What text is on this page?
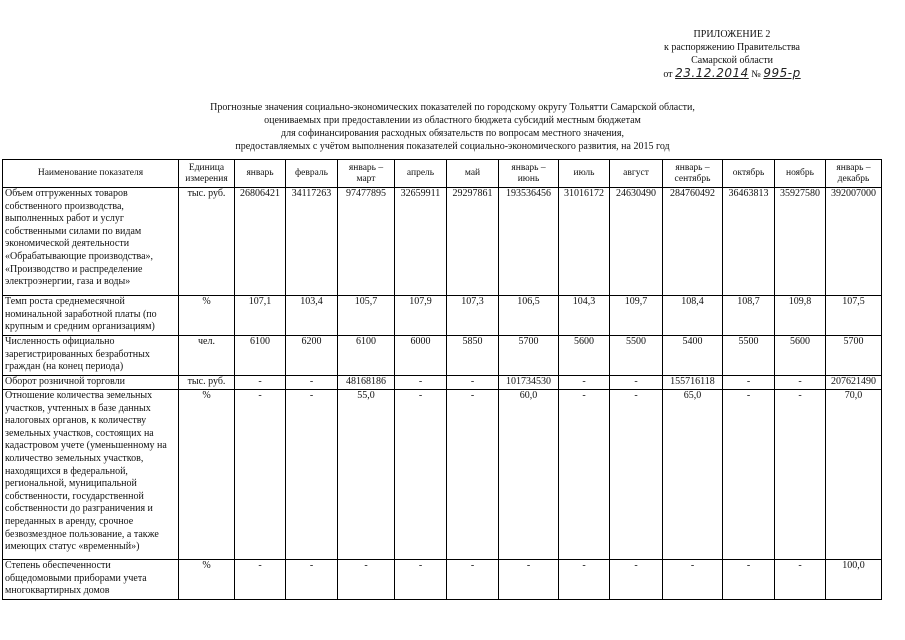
ПРИЛОЖЕНИЕ 2
к распоряжению Правительства
Самарской области
от 23.12.2014 № 995-р
Прогнозные значения социально-экономических показателей по городскому округу Тольятти Самарской области,
оцениваемых при предоставлении из областного бюджета субсидий местным бюджетам
для софинансирования расходных обязательств по вопросам местного значения,
предоставляемых с учётом выполнения показателей социально-экономического развития, на 2015 год
Наименование показателя	Единица измерения	январь	февраль	январь – март	апрель	май	январь – июнь	июль	август	январь – сентябрь	октябрь	ноябрь	январь – декабрь
Объем отгруженных товаров собственного производства, выполненных работ и услуг собственными силами по видам экономической деятельности «Обрабатывающие производства», «Производство и распределение электроэнергии, газа и воды»	тыс. руб.	26806421	34117263	97477895	32659911	29297861	193536456	31016172	24630490	284760492	36463813	35927580	392007000
Темп роста среднемесячной номинальной заработной платы (по крупным и средним организациям)	%	107,1	103,4	105,7	107,9	107,3	106,5	104,3	109,7	108,4	108,7	109,8	107,5
Численность официально зарегистрированных безработных граждан (на конец периода)	чел.	6100	6200	6100	6000	5850	5700	5600	5500	5400	5500	5600	5700
Оборот розничной торговли	тыс. руб.	-	-	48168186	-	-	101734530	-	-	155716118	-	-	207621490
Отношение количества земельных участков, учтенных в базе данных налоговых органов, к количеству земельных участков, состоящих на кадастровом учете (уменьшенному на количество земельных участков, находящихся в федеральной, региональной, муниципальной собственности, государственной собственности до разграничения и переданных в аренду, срочное безвозмездное пользование, а также имеющих статус «временный»)	%	-	-	55,0	-	-	60,0	-	-	65,0	-	-	70,0
Степень обеспеченности общедомовыми приборами учета многоквартирных домов	%	-	-	-	-	-	-	-	-	-	-	-	100,0
